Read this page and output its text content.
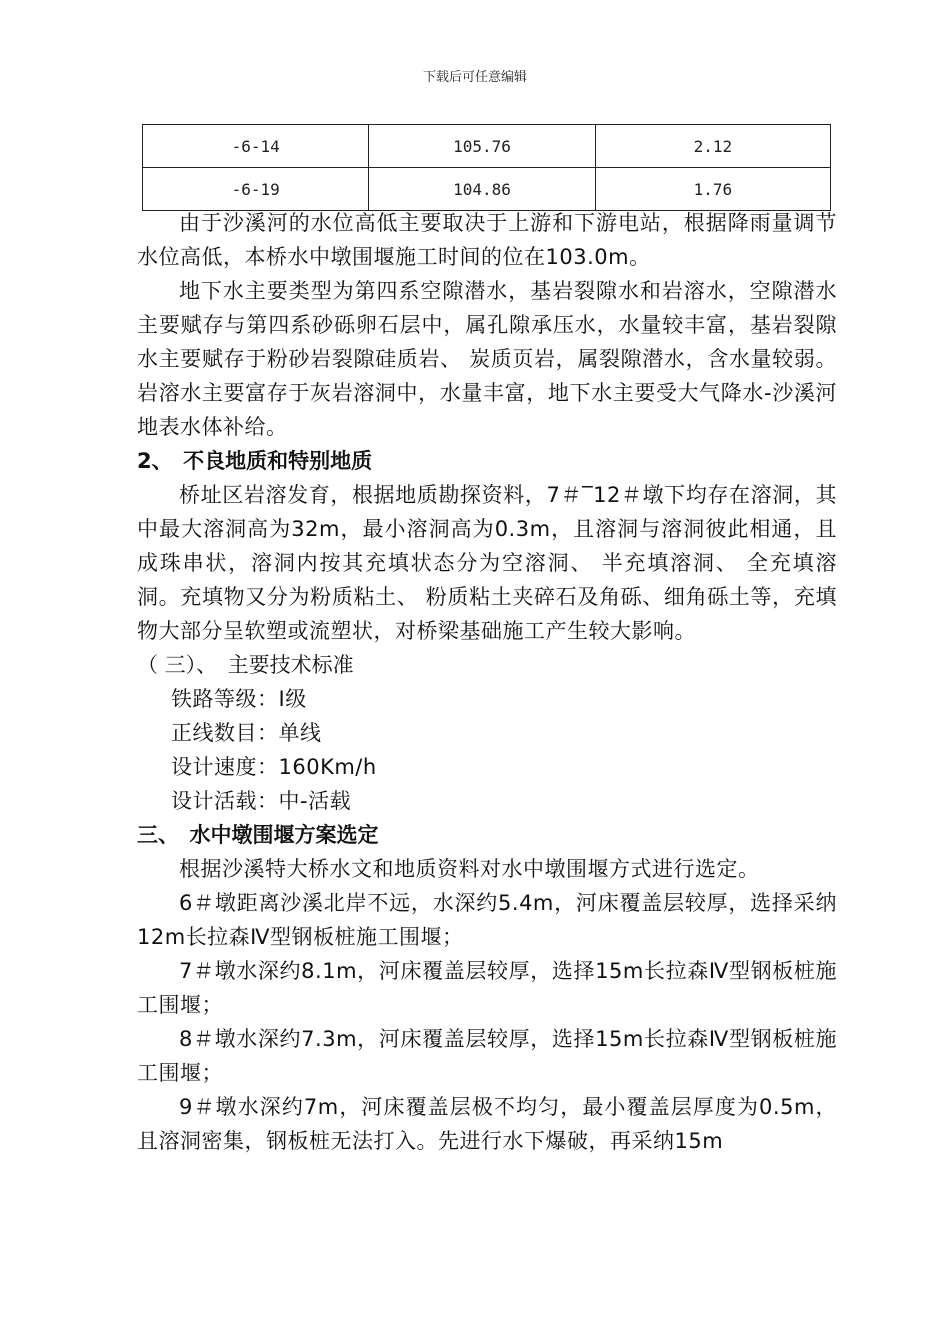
下载后可任意编辑
-6-14	105.76	2.12
-6-19	104.86	1.76

由于沙溪河的水位高低主要取决于上游和下游电站，根据降雨量调节水位高低，本桥水中墩围堰施工时间的位在103.0m。

地下水主要类型为第四系空隙潜水，基岩裂隙水和岩溶水，空隙潜水主要赋存与第四系砂砾卵石层中，属孔隙承压水，水量较丰富，基岩裂隙水主要赋存于粉砂岩裂隙硅质岩、 炭质页岩，属裂隙潜水，含水量较弱。岩溶水主要富存于灰岩溶洞中，水量丰富，地下水主要受大气降水-沙溪河地表水体补给。

2、　不良地质和特别地质

桥址区岩溶发育，根据地质勘探资料，7＃‾12＃墩下均存在溶洞，其中最大溶洞高为32m，最小溶洞高为0.3m，且溶洞与溶洞彼此相通，且成珠串状，溶洞内按其充填状态分为空溶洞、 半充填溶洞、 全充填溶洞。充填物又分为粉质粘土、 粉质粘土夹碎石及角砾、细角砾土等，充填物大部分呈软塑或流塑状，对桥梁基础施工产生较大影响。

（ 三）、　主要技术标准

铁路等级：Ⅰ级

正线数目：单线

设计速度：160Km/h

设计活载：中-活载

三、　水中墩围堰方案选定

根据沙溪特大桥水文和地质资料对水中墩围堰方式进行选定。

6＃墩距离沙溪北岸不远，水深约5.4m，河床覆盖层较厚，选择采纳12m长拉森Ⅳ型钢板桩施工围堰；

7＃墩水深约8.1m，河床覆盖层较厚，选择15m长拉森Ⅳ型钢板桩施工围堰；

8＃墩水深约7.3m，河床覆盖层较厚，选择15m长拉森Ⅳ型钢板桩施工围堰；

9＃墩水深约7m，河床覆盖层极不均匀，最小覆盖层厚度为0.5m，且溶洞密集，钢板桩无法打入。先进行水下爆破，再采纳15m
